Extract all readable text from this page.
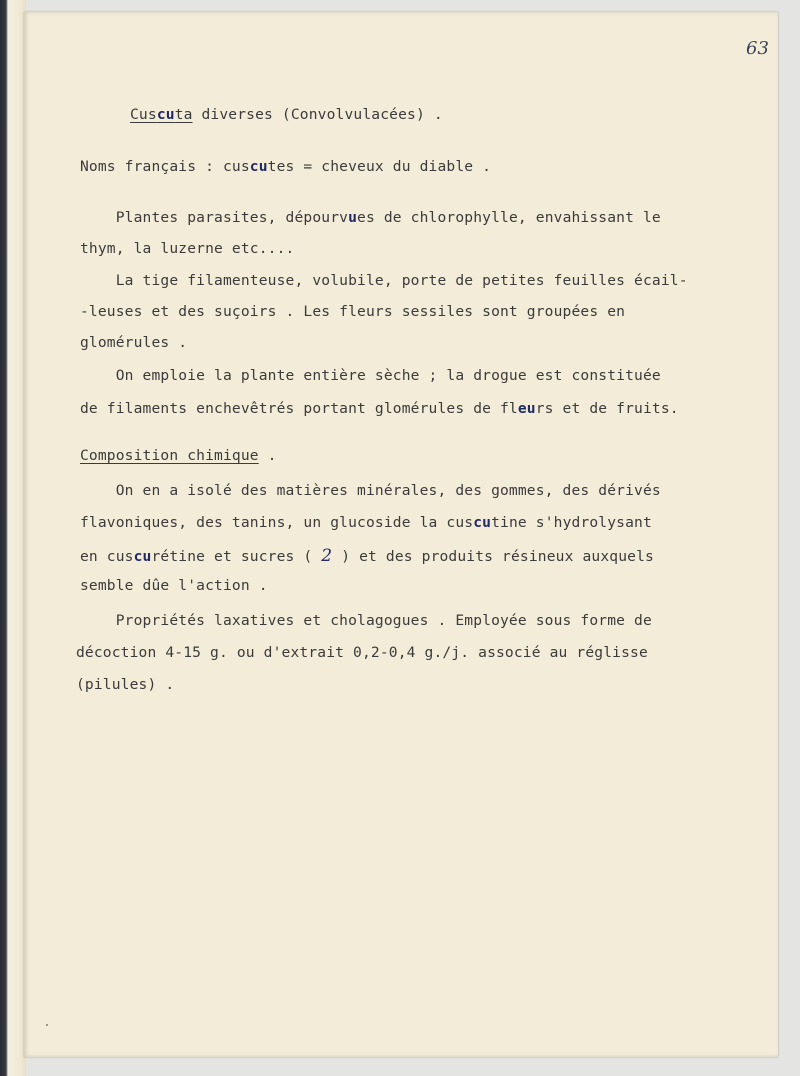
63
Cuscuta diverses (Convolvulacées) .
Noms français : cuscutes = cheveux du diable .
Plantes parasites, dépourvues de chlorophylle, envahissant le
thym, la luzerne etc....
La tige filamenteuse, volubile, porte de petites feuilles écail-
-leuses et des suçoirs . Les fleurs sessiles sont groupées en
glomérules .
On emploie la plante entière sèche ; la drogue est constituée
de filaments enchevêtrés portant glomérules de fleurs et de fruits.
Composition chimique .
On en a isolé des matières minérales, des gommes, des dérivés
flavoniques, des tanins, un glucoside la cuscutine s'hydrolysant
en cuscurétine et sucres ( 2 ) et des produits résineux auxquels
semble dûe l'action .
Propriétés laxatives et cholagogues . Employée sous forme de
décoction 4-15 g. ou d'extrait 0,2-0,4 g./j. associé au réglisse
(pilules) .
